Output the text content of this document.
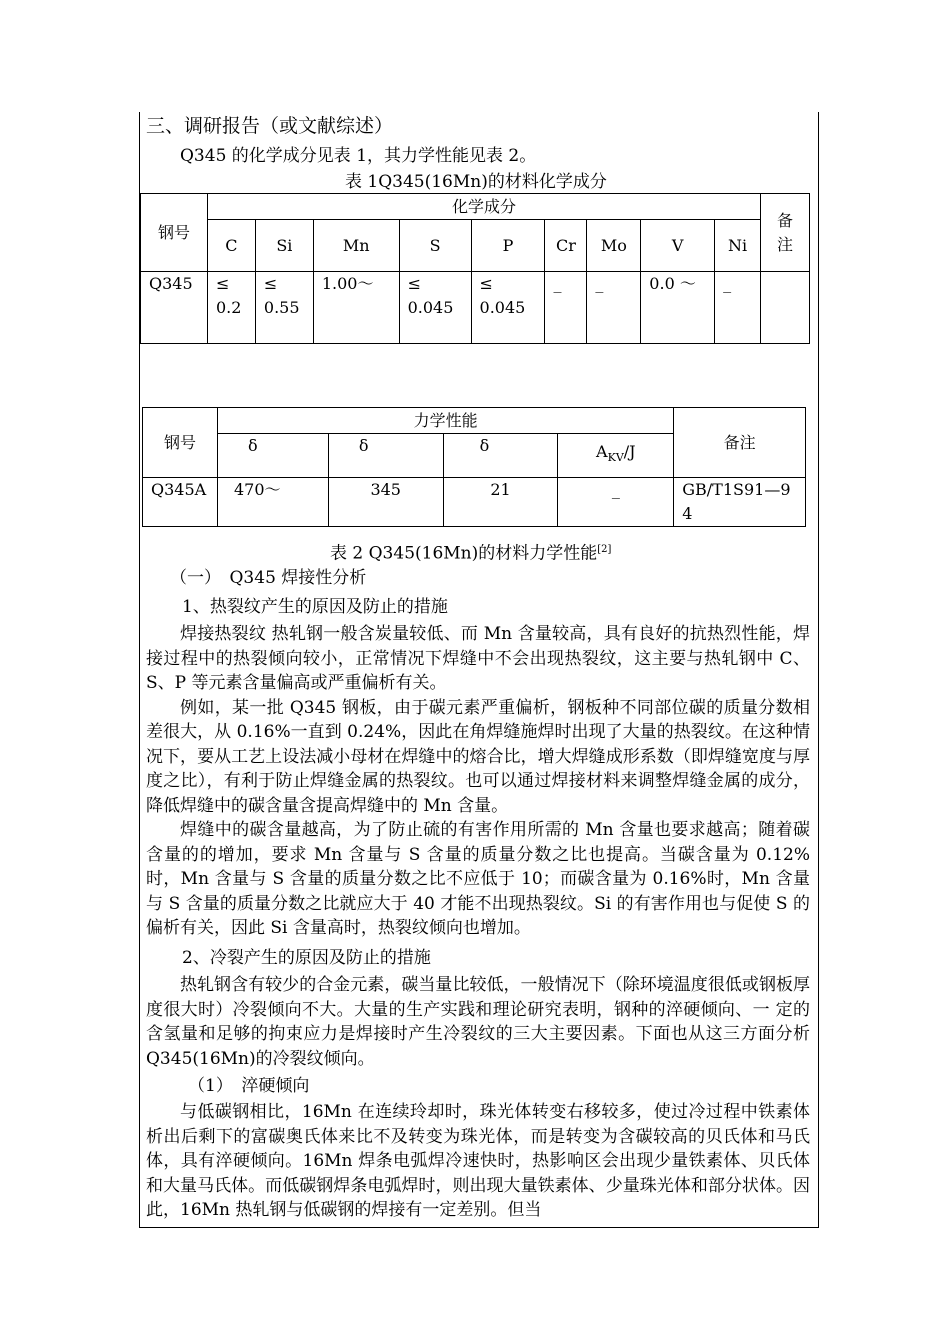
三、调研报告（或文献综述）
Q345 的化学成分见表 1，其力学性能见表 2。
表 1Q345(16Mn)的材料化学成分
钢号	化学成分									备注
	C	Si	Mn	S	P	Cr	Mo	V	Ni	
Q345	≤ 0.2	≤ 0.55	1.00～	≤ 0.045	≤ 0.045	_	_	0.0 ～	_	
钢号	力学性能				备注
	δ	δ	δ	$A_{KV}/J$	
Q345A	470～	345	21	_	GB/T1S91—94
表 2 Q345(16Mn)的材料力学性能[2]
（一）　Q345 焊接性分析
1、热裂纹产生的原因及防止的措施

焊接热裂纹 热轧钢一般含炭量较低、而 Mn 含量较高，具有良好的抗热烈性能，焊接过程中的热裂倾向较小，正常情况下焊缝中不会出现热裂纹，这主要与热轧钢中 C、S、P 等元素含量偏高或严重偏析有关。

例如，某一批 Q345 钢板，由于碳元素严重偏析，钢板种不同部位碳的质量分数相差很大，从 0.16%一直到 0.24%，因此在角焊缝施焊时出现了大量的热裂纹。在这种情况下，要从工艺上设法减小母材在焊缝中的熔合比，增大焊缝成形系数（即焊缝宽度与厚度之比），有利于防止焊缝金属的热裂纹。也可以通过焊接材料来调整焊缝金属的成分，降低焊缝中的碳含量含提高焊缝中的 Mn 含量。

焊缝中的碳含量越高，为了防止硫的有害作用所需的 Mn 含量也要求越高；随着碳含量的的增加，要求 Mn 含量与 S 含量的质量分数之比也提高。当碳含量为 0.12%时，Mn 含量与 S 含量的质量分数之比不应低于 10；而碳含量为 0.16%时，Mn 含量与 S 含量的质量分数之比就应大于 40 才能不出现热裂纹。Si 的有害作用也与促使 S 的偏析有关，因此 Si 含量高时，热裂纹倾向也增加。

2、冷裂产生的原因及防止的措施

热轧钢含有较少的合金元素，碳当量比较低，一般情况下（除环境温度很低或钢板厚度很大时）冷裂倾向不大。大量的生产实践和理论研究表明，钢种的淬硬倾向、一 定的含氢量和足够的拘束应力是焊接时产生冷裂纹的三大主要因素。下面也从这三方面分析 Q345(16Mn)的冷裂纹倾向。

（1）　淬硬倾向

与低碳钢相比，16Mn 在连续玲却时，珠光体转变右移较多，使过冷过程中铁素体析出后剩下的富碳奥氏体来比不及转变为珠光体，而是转变为含碳较高的贝氏体和马氏体，具有淬硬倾向。16Mn 焊条电弧焊冷速快时，热影响区会出现少量铁素体、贝氏体和大量马氏体。而低碳钢焊条电弧焊时，则出现大量铁素体、少量珠光体和部分状体。因此，16Mn 热轧钢与低碳钢的焊接有一定差别。但当
